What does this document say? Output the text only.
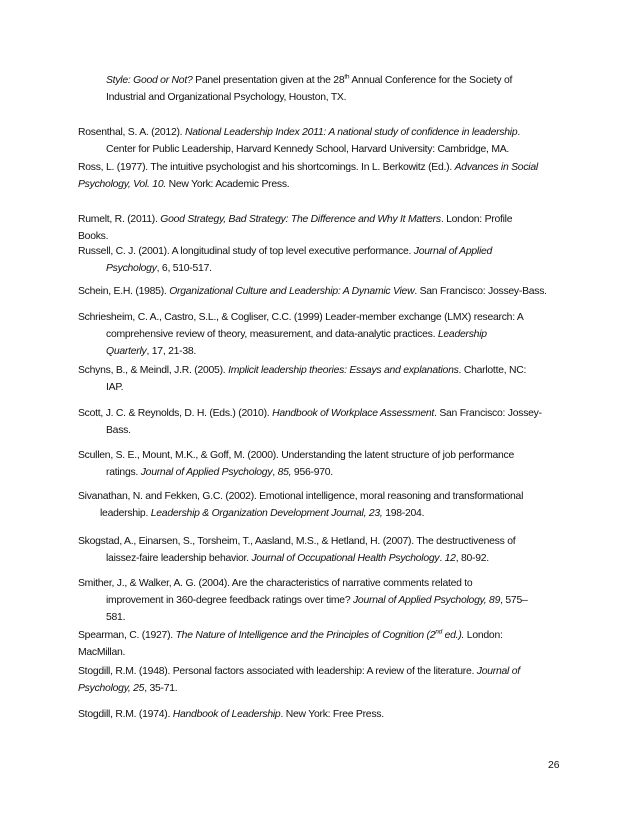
Style: Good or Not? Panel presentation given at the 28th Annual Conference for the Society of
Industrial and Organizational Psychology, Houston, TX.
Rosenthal, S. A. (2012). National Leadership Index 2011: A national study of confidence in leadership.
Center for Public Leadership, Harvard Kennedy School, Harvard University: Cambridge, MA.
Ross, L. (1977). The intuitive psychologist and his shortcomings. In L. Berkowitz (Ed.). Advances in Social
Psychology, Vol. 10. New York: Academic Press.
Rumelt, R. (2011). Good Strategy, Bad Strategy: The Difference and Why It Matters. London: Profile
Books.
Russell, C. J. (2001). A longitudinal study of top level executive performance. Journal of Applied
Psychology, 6, 510-517.
Schein, E.H. (1985). Organizational Culture and Leadership: A Dynamic View. San Francisco: Jossey-Bass.
Schriesheim, C. A., Castro, S.L., & Cogliser, C.C. (1999) Leader-member exchange (LMX) research: A
comprehensive review of theory, measurement, and data-analytic practices. Leadership
Quarterly, 17, 21-38.
Schyns, B., & Meindl, J.R. (2005). Implicit leadership theories: Essays and explanations. Charlotte, NC:
IAP.
Scott, J. C. & Reynolds, D. H. (Eds.) (2010). Handbook of Workplace Assessment. San Francisco: Jossey-
Bass.
Scullen, S. E., Mount, M.K., & Goff, M. (2000). Understanding the latent structure of job performance
ratings. Journal of Applied Psychology, 85, 956-970.
Sivanathan, N. and Fekken, G.C. (2002). Emotional intelligence, moral reasoning and transformational
leadership. Leadership & Organization Development Journal, 23, 198-204.
Skogstad, A., Einarsen, S., Torsheim, T., Aasland, M.S., & Hetland, H. (2007). The destructiveness of
laissez-faire leadership behavior. Journal of Occupational Health Psychology. 12, 80-92.
Smither, J., & Walker, A. G. (2004). Are the characteristics of narrative comments related to
improvement in 360-degree feedback ratings over time? Journal of Applied Psychology, 89, 575–
581.
Spearman, C. (1927). The Nature of Intelligence and the Principles of Cognition (2nd ed.). London:
MacMillan.
Stogdill, R.M. (1948). Personal factors associated with leadership: A review of the literature. Journal of
Psychology, 25, 35-71.
Stogdill, R.M. (1974). Handbook of Leadership. New York: Free Press.
26
